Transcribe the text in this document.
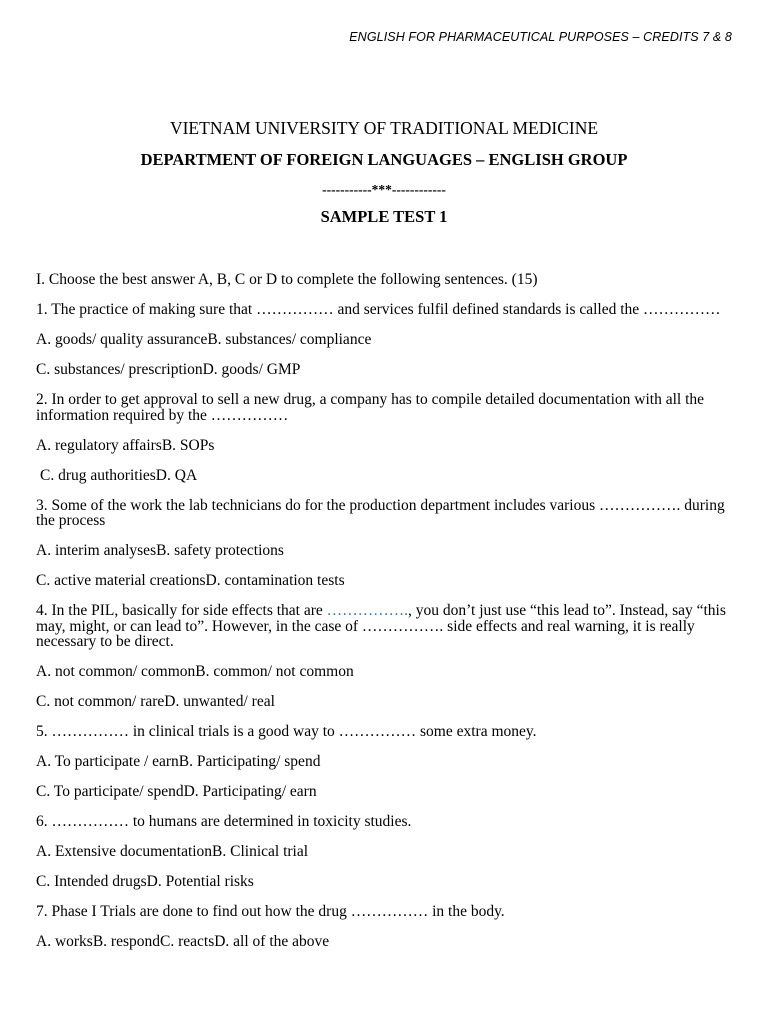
ENGLISH FOR PHARMACEUTICAL PURPOSES – CREDITS 7 & 8
VIETNAM UNIVERSITY OF TRADITIONAL MEDICINE
DEPARTMENT OF FOREIGN LANGUAGES – ENGLISH GROUP
-----------***------------
SAMPLE TEST 1
I. Choose the best answer A, B, C or D to complete the following sentences. (15)
1. The practice of making sure that …………… and services fulfil defined standards is called the ……………
A. goods/ quality assuranceB. substances/ compliance
C. substances/ prescriptionD. goods/ GMP
2. In order to get approval to sell a new drug, a company has to compile detailed documentation with all the information required by the ……………
A. regulatory affairsB. SOPs
C. drug authoritiesD. QA
3. Some of the work the lab technicians do for the production department includes various ……………. during the process
A. interim analysesB. safety protections
C. active material creationsD. contamination tests
4. In the PIL, basically for side effects that are ……………., you don’t just use “this lead to”. Instead, say “this may, might, or can lead to”. However, in the case of ……………. side effects and real warning, it is really necessary to be direct.
A. not common/ commonB. common/ not common
C. not common/ rareD. unwanted/ real
5. …………… in clinical trials is a good way to …………… some extra money.
A. To participate / earnB. Participating/ spend
C. To participate/ spendD. Participating/ earn
6. …………… to humans are determined in toxicity studies.
A. Extensive documentationB. Clinical trial
C. Intended drugsD. Potential risks
7. Phase I Trials are done to find out how the drug …………… in the body.
A. worksB. respondC. reactsD. all of the above
